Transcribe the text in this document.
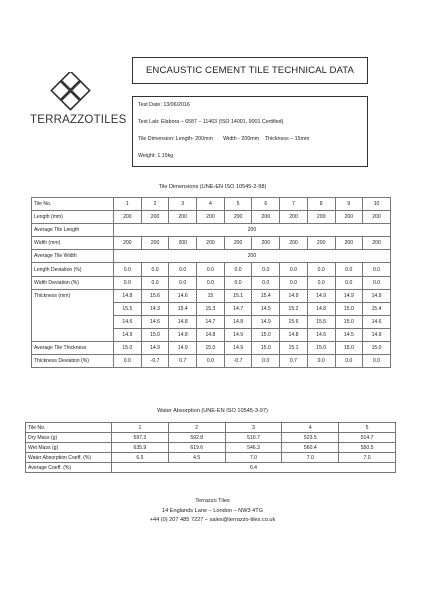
TERRAZZOTILES
ENCAUSTIC CEMENT TILE TECHNICAL DATA
Test Date: 13/06/2016
Test Lab: Elabora – 6587 – 11463 (ISO 14001, 9001 Certified)
Tile Dimension: Length- 200mm       Width - 200mm    Thickness – 15mm
Weight: 1.15kg
Tile Dimensions (UNE-EN ISO 10545-2-98)
Tile No.	1	2	3	4	5	6	7	8	9	10
Length (mm)	200	200	200	200	200	200	200	200	200	200
Average Tile Length	200									
Width (mm)	200	200	200	200	200	200	200	200	200	200
Average Tile Width	200									
Length Deviation (%)	0.0	0.0	0.0	0.0	0.0	0.0	0.0	0.0	0.0	0.0
Width Deviation (%)	0.0	0.0	0.0	0.0	0.0	0.0	0.0	0.0	0.0	0.0
Thickness (mm)	14.8	15.6	14.6	15	15.1	15.4	14.9	14.9	14.9	14.9
	15.5	14.3	15.4	15.3	14.7	14.5	15.2	14.8	15.0	15.4
	14.6	14.6	14.8	14.7	14.8	14.9	15.6	15.5	15.0	14.6
	14.9	15.0	14.8	14.8	14.9	15.0	14.8	14.6	14.5	14.9
Average Tile Thickness	15.0	14.9	14.9	15.0	14.9	15.0	15.1	15.0	15.0	15.0
Thickness Deviation (%)	0.0	-0.7	0.7	0.0	-0.7	0.0	0.7	0.0	0.0	0.0
Water Absorption (UNE-EN ISO 10545-3-97)
Tile No.	1	2	3	4	5
Dry Mass (g)	597.3	592.8	510.7	523.5	514.7
Wet Mass (g)	635.9	619.6	546.3	560.4	550.5
Water Absorption Coeff. (%)	6.5	4.5	7.0	7.0	7.0
Average Coeff. (%)	6.4				
Terrazzo Tiles
14 Englands Lane – London – NW3 4TG
+44 (0) 207 485 7227 – sales@terrazzo-tiles.co.uk
